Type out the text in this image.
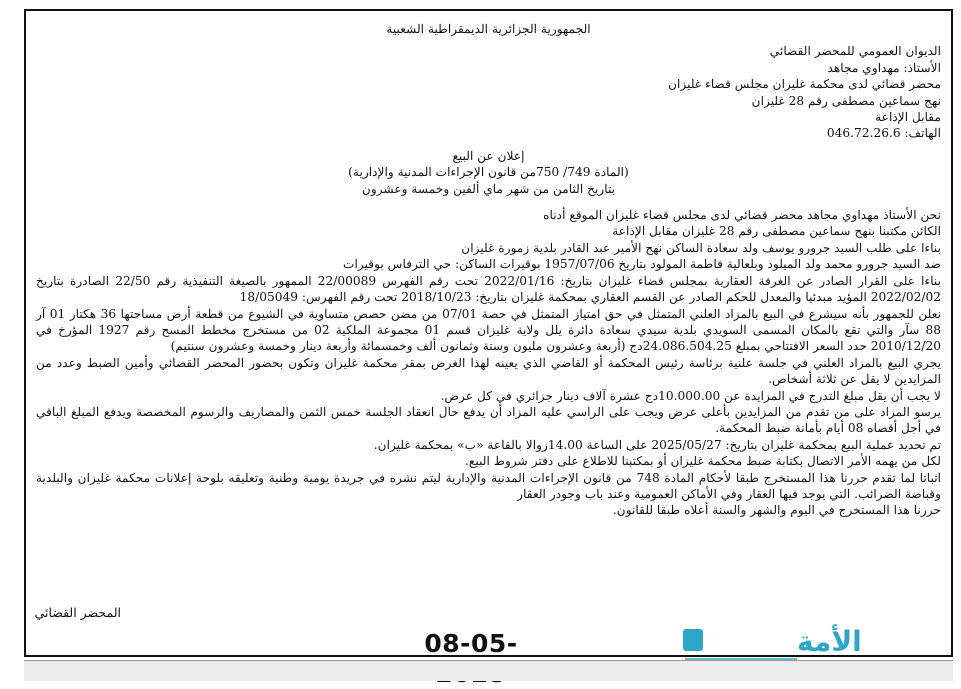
الجمهورية الجزائرية الديمقراطية الشعبية
الديوان العمومي للمحضر القضائي
الأستاذ: مهداوي مجاهد
محضر قضائي لدى محكمة غليزان مجلس قضاء غليزان
نهج سماعين مصطفى رقم 28 غليزان
مقابل الإذاعة
الهاتف: 046.72.26.6
إعلان عن البيع
(المادة 749/ 750من قانون الإجراءات المدنية والإدارية)
بتاريخ الثامن من شهر ماي ألفين وخمسة وعشرون
نحن الأستاذ مهداوي مجاهد محضر قضائي لدى مجلس قضاء غليزان الموقع أدناه
الكائن مكتبنا بنهج سماعين مصطفى رقم 28 غليزان مقابل الإذاعة
بناءا على طلب السيد جرورو يوسف ولد سعادة الساكن نهج الأمير عبد القادر بلدية زمورة غليزان
ضد السيد جرورو محمد ولد الميلود وبلعالية فاطمة المولود بتاريخ 1957/07/06 بوقيرات الساكن: حي الترفاس بوقيرات
بناءا على القرار الصادر عن الغرفة العقارية بمجلس قضاء غليزان بتاريخ: 2022/01/16 تحت رقم الفهرس 22/00089 الممهور بالصيغة التنفيذية رقم 22/50 الصادرة بتاريخ 2022/02/02 المؤيد مبدئيا والمعدل للحكم الصادر عن القسم العقاري بمحكمة غليزان بتاريخ: 2018/10/23 تحت رقم الفهرس: 18/05049
نعلن للجمهور بأنه سيشرع في البيع بالمزاد العلني المتمثل في حق امتياز المتمثل في حصة 07/01 من مضن حصص متساوية في الشيوع من قطعة أرض مساحتها 36 هكتار 01 آر 88 سآر والتي تقع بالمكان المسمى السويدي بلدية سيدي سعادة دائرة يلل ولاية غليزان قسم 01 مجموعة الملكية 02 من مستخرج مخطط المسح رقم 1927 المؤرخ في 2010/12/20 حدد السعر الافتتاحي بمبلغ 24.086.504.25دج (أربعة وعشرون مليون وستة وثمانون ألف وخمسمائة وأربعة دينار وخمسة وعشرون سنتيم)
يجري البيع بالمزاد العلني في جلسة علنية برئاسة رئيس المحكمة أو القاضي الذي يعينه لهذا الغرض بمقر محكمة غليزان وتكون بحضور المحضر القضائي وأمين الضبط وعدد من المزايدين لا يقل عن ثلاثة أشخاص.
لا يجب أن يقل مبلغ التدرج في المزايدة عن 10.000.00دج عشرة آلاف دينار جزائري في كل عرض.
يرسو المزاد على من تقدم من المزايدين بأعلى عرض ويجب على الراسي عليه المزاد أن يدفع حال انعقاد الجلسة خمس الثمن والمصاريف والرسوم المخصصة ويدفع المبلغ الباقي في أجل أقصاه 08 أيام بأمانة ضبط المحكمة.
تم تحديد عملية البيع بمحكمة غليزان بتاريخ: 2025/05/27 على الساعة 14.00زوالا بالقاعة «ب» بمحكمة غليزان.
لكل من يهمه الأمر الاتصال بكتابة ضبط محكمة غليزان أو بمكتبنا للاطلاع على دفتر شروط البيع.
اثباتا لما تقدم حررنا هذا المستخرج طبقا لأحكام المادة 748 من قانون الإجراءات المدنية والإدارية ليتم نشره في جريدة يومية وطنية وتعليقه بلوحة إعلانات محكمة غليزان والبلدية وقباضة الضرائب. التي يوجد فيها العقار وفي الأماكن العمومية وعند باب وجودر العقار
حررنا هذا المستخرج في اليوم والشهر والسنة أعلاه طبقا للقانون.
المحضر القضائي
08-05-	الأمة
